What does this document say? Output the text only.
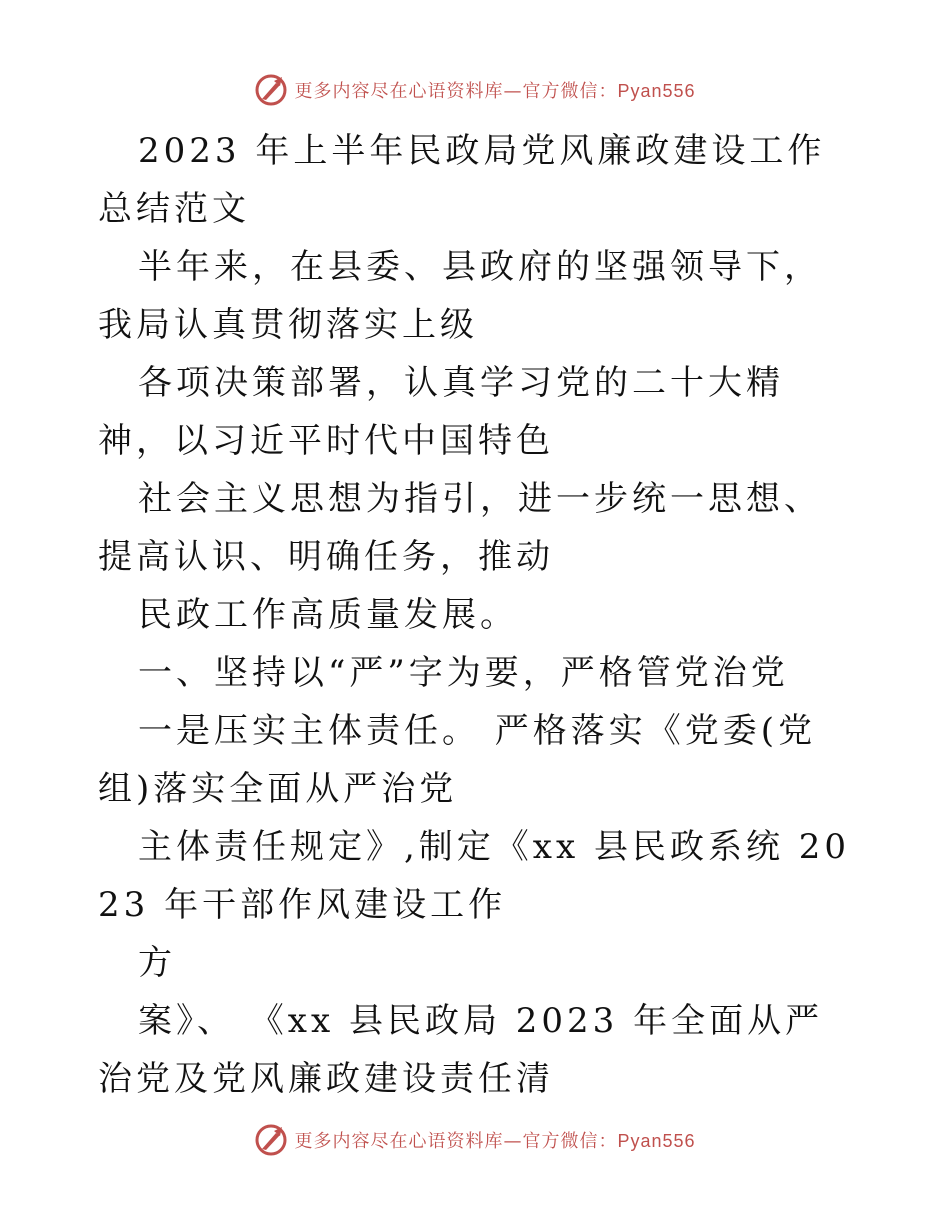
更多内容尽在心语资料库—官方微信：Pyan556

2023 年上半年民政局党风廉政建设工作总结范文

半年来，在县委、县政府的坚强领导下，我局认真贯彻落实上级

各项决策部署，认真学习党的二十大精神，以习近平时代中国特色

社会主义思想为指引，进一步统一思想、提高认识、明确任务，推动

民政工作高质量发展。

一、坚持以“严”字为要，严格管党治党

一是压实主体责任。 严格落实《党委(党组)落实全面从严治党

主体责任规定》,制定《xx 县民政系统 2023 年干部作风建设工作

方

案》、 《xx 县民政局 2023 年全面从严治党及党风廉政建设责任清

更多内容尽在心语资料库—官方微信：Pyan556
